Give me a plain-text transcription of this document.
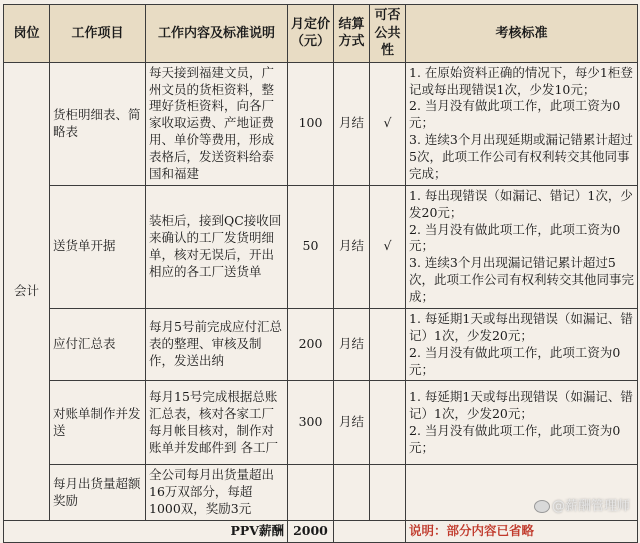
岗位	工作项目	工作内容及标准说明	月定价（元）	结算方式	可否公共性	考核标准
会计	货柜明细表、简略表	每天接到福建文员，广州文员的货柜资料，整理好货柜资料，向各厂家收取运费、产地证费用、单价等费用，形成表格后，发送资料给泰国和福建	100	月结	√	1. 在原始资料正确的情况下，每少1柜登记或每出现错误1次，少发10元；
2. 当月没有做此项工作，此项工资为0元；
3. 连续3个月出现延期或漏记错累计超过5次，此项工作公司有权利转交其他同事完成；

	送货单开据	装柜后，接到QC接收回来确认的工厂发货明细单，核对无误后，开出相应的各工厂送货单	50	月结	√	1. 每出现错误（如漏记、错记）1次，少发20元；
2. 当月没有做此项工作，此项工资为0元；
3. 连续3个月出现漏记错记累计超过5次，此项工作公司有权利转交其他同事完成；

	应付汇总表	每月5号前完成应付汇总表的整理、审核及制作，发送出纳	200	月结		1. 每延期1天或每出现错误（如漏记、错记）1次，少发20元；
2. 当月没有做此项工作，此项工资为0元；

	对账单制作并发送	每月15号完成根据总账汇总表，核对各家工厂每月帐目核对，制作对账单并发邮件到 各工厂	300	月结		1. 每延期1天或每出现错误（如漏记、错记）1次，少发20元；
2. 当月没有做此项工作，此项工资为0元；

	每月出货量超额奖励	全公司每月出货量超出16万双部分，每超1000双，奖励3元				

PPV薪酬			2000			说明：部分内容已省略
@薪酬管理师
